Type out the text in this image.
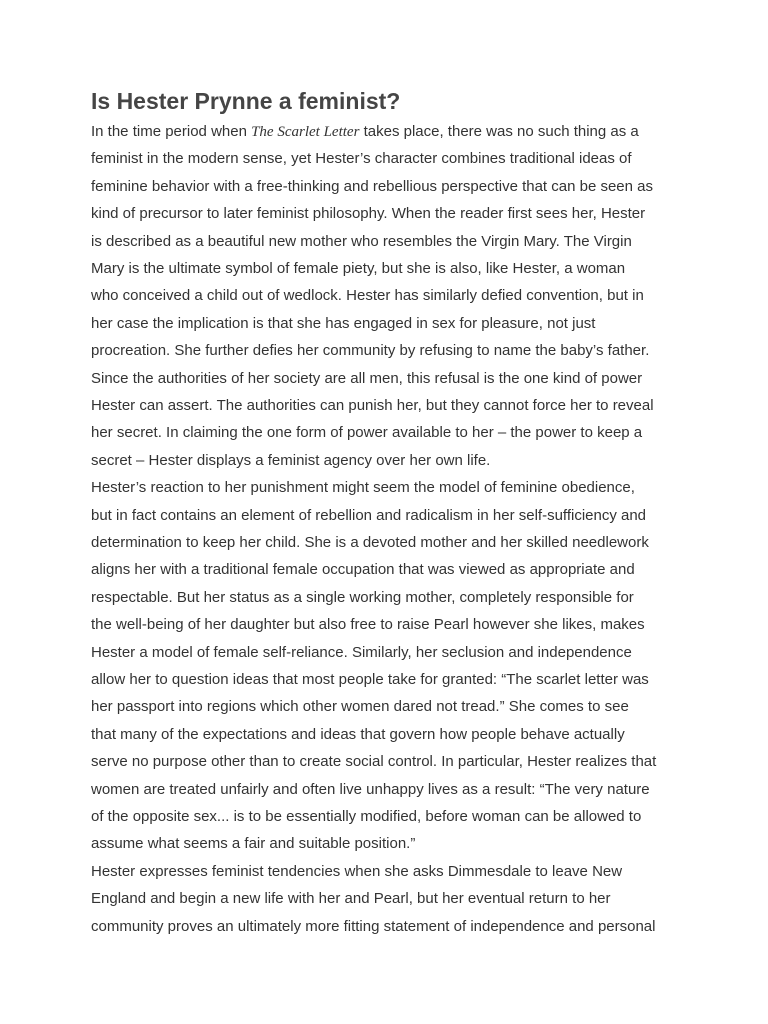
Is Hester Prynne a feminist?
In the time period when The Scarlet Letter takes place, there was no such thing as a
feminist in the modern sense, yet Hester’s character combines traditional ideas of
feminine behavior with a free-thinking and rebellious perspective that can be seen as
kind of precursor to later feminist philosophy. When the reader first sees her, Hester
is described as a beautiful new mother who resembles the Virgin Mary. The Virgin
Mary is the ultimate symbol of female piety, but she is also, like Hester, a woman
who conceived a child out of wedlock. Hester has similarly defied convention, but in
her case the implication is that she has engaged in sex for pleasure, not just
procreation. She further defies her community by refusing to name the baby’s father.
Since the authorities of her society are all men, this refusal is the one kind of power
Hester can assert. The authorities can punish her, but they cannot force her to reveal
her secret. In claiming the one form of power available to her – the power to keep a
secret – Hester displays a feminist agency over her own life.
Hester’s reaction to her punishment might seem the model of feminine obedience,
but in fact contains an element of rebellion and radicalism in her self-sufficiency and
determination to keep her child. She is a devoted mother and her skilled needlework
aligns her with a traditional female occupation that was viewed as appropriate and
respectable. But her status as a single working mother, completely responsible for
the well-being of her daughter but also free to raise Pearl however she likes, makes
Hester a model of female self-reliance. Similarly, her seclusion and independence
allow her to question ideas that most people take for granted: “The scarlet letter was
her passport into regions which other women dared not tread.” She comes to see
that many of the expectations and ideas that govern how people behave actually
serve no purpose other than to create social control. In particular, Hester realizes that
women are treated unfairly and often live unhappy lives as a result: “The very nature
of the opposite sex... is to be essentially modified, before woman can be allowed to
assume what seems a fair and suitable position.”
Hester expresses feminist tendencies when she asks Dimmesdale to leave New
England and begin a new life with her and Pearl, but her eventual return to her
community proves an ultimately more fitting statement of independence and personal
